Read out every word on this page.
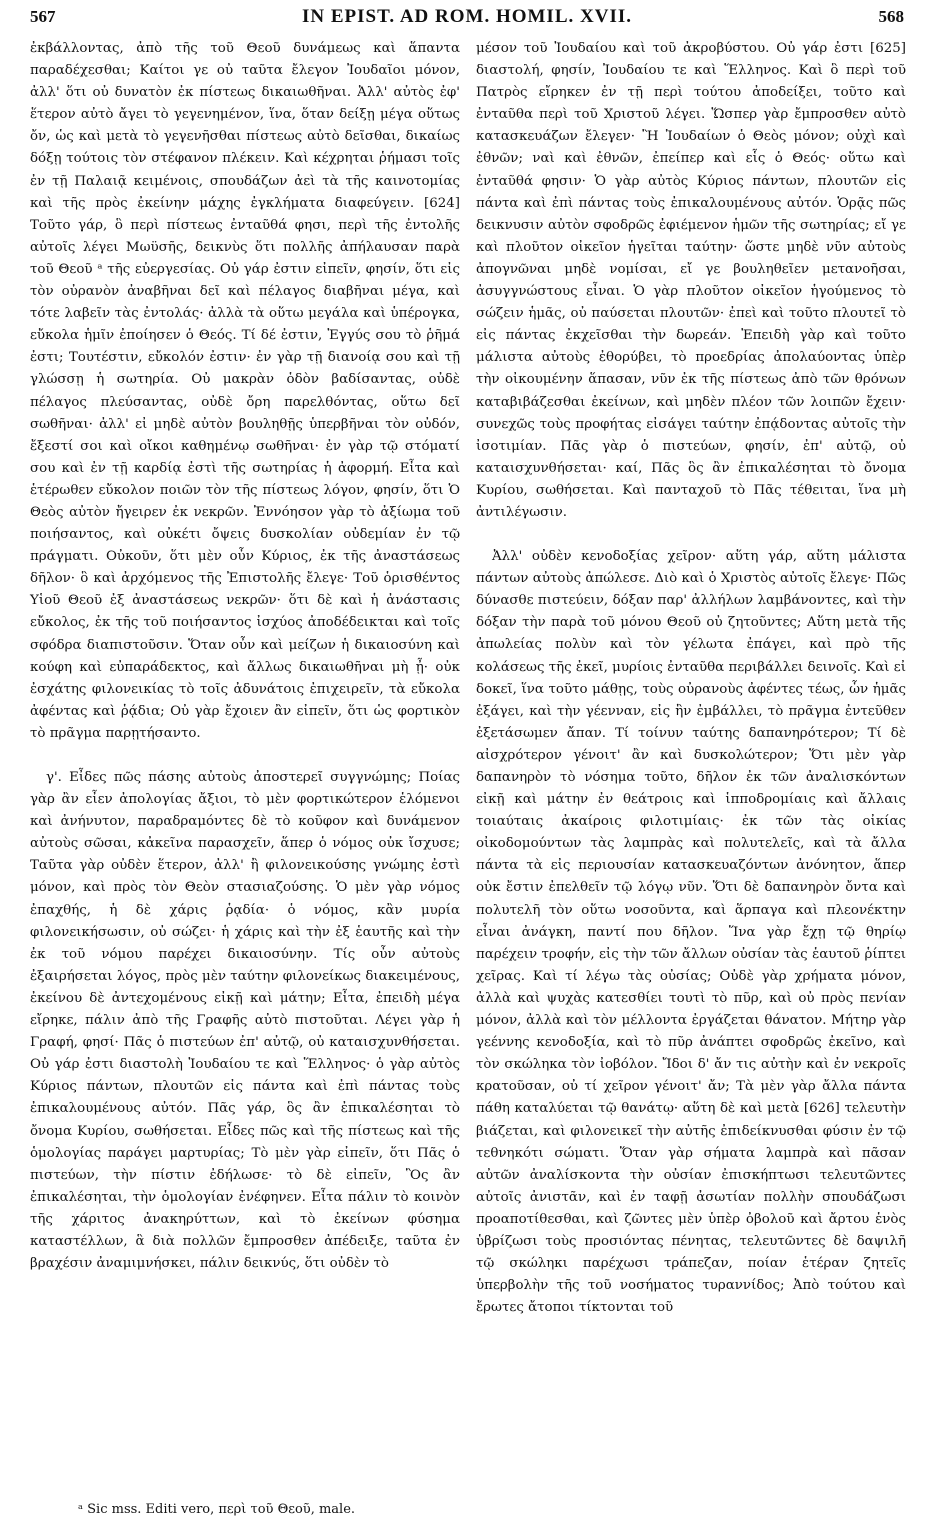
567	IN EPIST. AD ROM. HOMIL. XVII.	568

ἐκβάλλοντας, ἀπὸ τῆς τοῦ Θεοῦ δυνάμεως καὶ ἅπαντα παραδέχεσθαι; Καίτοι γε οὐ ταῦτα ἔλεγον Ἰουδαῖοι μόνον, ἀλλ' ὅτι οὐ δυνατὸν ἐκ πίστεως δικαιωθῆναι. Ἀλλ' αὐτὸς ἐφ' ἕτερον αὐτὸ ἄγει τὸ γεγενημένον, ἵνα, ὅταν δείξῃ μέγα οὕτως ὄν, ὡς καὶ μετὰ τὸ γεγενῆσθαι πίστεως αὐτὸ δεῖσθαι, δικαίως δόξῃ τούτοις τὸν στέφανον πλέκειν. Καὶ κέχρηται ῥήμασι τοῖς ἐν τῇ Παλαιᾷ κειμένοις, σπουδάζων ἀεὶ τὰ τῆς καινοτομίας καὶ τῆς πρὸς ἐκείνην μάχης ἐγκλήματα διαφεύγειν. [624] Τοῦτο γάρ, ὃ περὶ πίστεως ἐνταῦθά φησι, περὶ τῆς ἐντολῆς αὐτοῖς λέγει Μωϋσῆς, δεικνὺς ὅτι πολλῆς ἀπήλαυσαν παρὰ τοῦ Θεοῦ ᵃ τῆς εὐεργεσίας. Οὐ γάρ ἐστιν εἰπεῖν, φησίν, ὅτι εἰς τὸν οὐρανὸν ἀναβῆναι δεῖ καὶ πέλαγος διαβῆναι μέγα, καὶ τότε λαβεῖν τὰς ἐντολάς· ἀλλὰ τὰ οὕτω μεγάλα καὶ ὑπέρογκα, εὔκολα ἡμῖν ἐποίησεν ὁ Θεός. Τί δέ ἐστιν, Ἐγγύς σου τὸ ῥῆμά ἐστι; Τουτέστιν, εὔκολόν ἐστιν· ἐν γὰρ τῇ διανοίᾳ σου καὶ τῇ γλώσσῃ ἡ σωτηρία. Οὐ μακρὰν ὁδὸν βαδίσαντας, οὐδὲ πέλαγος πλεύσαντας, οὐδὲ ὄρη παρελθόντας, οὕτω δεῖ σωθῆναι· ἀλλ' εἰ μηδὲ αὐτὸν βουληθῇς ὑπερβῆναι τὸν οὐδόν, ἔξεστί σοι καὶ οἴκοι καθημένῳ σωθῆναι· ἐν γὰρ τῷ στόματί σου καὶ ἐν τῇ καρδίᾳ ἐστὶ τῆς σωτηρίας ἡ ἀφορμή. Εἶτα καὶ ἑτέρωθεν εὔκολον ποιῶν τὸν τῆς πίστεως λόγον, φησίν, ὅτι Ὁ Θεὸς αὐτὸν ἤγειρεν ἐκ νεκρῶν. Ἐννόησον γὰρ τὸ ἀξίωμα τοῦ ποιήσαντος, καὶ οὐκέτι ὄψεις δυσκολίαν οὐδεμίαν ἐν τῷ πράγματι. Οὐκοῦν, ὅτι μὲν οὖν Κύριος, ἐκ τῆς ἀναστάσεως δῆλον· ὃ καὶ ἀρχόμενος τῆς Ἐπιστολῆς ἔλεγε· Τοῦ ὁρισθέντος Υἱοῦ Θεοῦ ἐξ ἀναστάσεως νεκρῶν· ὅτι δὲ καὶ ἡ ἀνάστασις εὔκολος, ἐκ τῆς τοῦ ποιήσαντος ἰσχύος ἀποδέδεικται καὶ τοῖς σφόδρα διαπιστοῦσιν. Ὅταν οὖν καὶ μείζων ἡ δικαιοσύνη καὶ κούφη καὶ εὐπαράδεκτος, καὶ ἄλλως δικαιωθῆναι μὴ ᾖ· οὐκ ἐσχάτης φιλονεικίας τὸ τοῖς ἀδυνάτοις ἐπιχειρεῖν, τὰ εὔκολα ἀφέντας καὶ ῥᾴδια; Οὐ γὰρ ἔχοιεν ἂν εἰπεῖν, ὅτι ὡς φορτικὸν τὸ πρᾶγμα παρῃτήσαντο.

γ'. Εἶδες πῶς πάσης αὐτοὺς ἀποστερεῖ συγγνώμης; Ποίας γὰρ ἂν εἶεν ἀπολογίας ἄξιοι, τὸ μὲν φορτικώτερον ἑλόμενοι καὶ ἀνήνυτον, παραδραμόντες δὲ τὸ κοῦφον καὶ δυνάμενον αὐτοὺς σῶσαι, κἀκεῖνα παρασχεῖν, ἅπερ ὁ νόμος οὐκ ἴσχυσε; Ταῦτα γὰρ οὐδὲν ἕτερον, ἀλλ' ἢ φιλονεικούσης γνώμης ἐστὶ μόνον, καὶ πρὸς τὸν Θεὸν στασιαζούσης. Ὁ μὲν γὰρ νόμος ἐπαχθής, ἡ δὲ χάρις ῥᾳδία· ὁ νόμος, κἂν μυρία φιλονεικήσωσιν, οὐ σώζει· ἡ χάρις καὶ τὴν ἐξ ἑαυτῆς καὶ τὴν ἐκ τοῦ νόμου παρέχει δικαιοσύνην. Τίς οὖν αὐτοὺς ἐξαιρήσεται λόγος, πρὸς μὲν ταύτην φιλονείκως διακειμένους, ἐκείνου δὲ ἀντεχομένους εἰκῇ καὶ μάτην; Εἶτα, ἐπειδὴ μέγα εἴρηκε, πάλιν ἀπὸ τῆς Γραφῆς αὐτὸ πιστοῦται. Λέγει γὰρ ἡ Γραφή, φησί· Πᾶς ὁ πιστεύων ἐπ' αὐτῷ, οὐ καταισχυνθήσεται. Οὐ γάρ ἐστι διαστολὴ Ἰουδαίου τε καὶ Ἕλληνος· ὁ γὰρ αὐτὸς Κύριος πάντων, πλουτῶν εἰς πάντα καὶ ἐπὶ πάντας τοὺς ἐπικαλουμένους αὐτόν. Πᾶς γάρ, ὃς ἂν ἐπικαλέσηται τὸ ὄνομα Κυρίου, σωθήσεται. Εἶδες πῶς καὶ τῆς πίστεως καὶ τῆς ὁμολογίας παράγει μαρτυρίας; Τὸ μὲν γὰρ εἰπεῖν, ὅτι Πᾶς ὁ πιστεύων, τὴν πίστιν ἐδήλωσε· τὸ δὲ εἰπεῖν, Ὃς ἂν ἐπικαλέσηται, τὴν ὁμολογίαν ἐνέφηνεν. Εἶτα πάλιν τὸ κοινὸν τῆς χάριτος ἀνακηρύττων, καὶ τὸ ἐκείνων φύσημα καταστέλλων, ἃ διὰ πολλῶν ἔμπροσθεν ἀπέδειξε, ταῦτα ἐν βραχέσιν ἀναμιμνήσκει, πάλιν δεικνύς, ὅτι οὐδὲν τὸ

μέσον τοῦ Ἰουδαίου καὶ τοῦ ἀκροβύστου. Οὐ γάρ ἐστι [625] διαστολή, φησίν, Ἰουδαίου τε καὶ Ἕλληνος. Καὶ ὃ περὶ τοῦ Πατρὸς εἴρηκεν ἐν τῇ περὶ τούτου ἀποδείξει, τοῦτο καὶ ἐνταῦθα περὶ τοῦ Χριστοῦ λέγει. Ὥσπερ γὰρ ἔμπροσθεν αὐτὸ κατασκευάζων ἔλεγεν· Ἢ Ἰουδαίων ὁ Θεὸς μόνον; οὐχὶ καὶ ἐθνῶν; ναὶ καὶ ἐθνῶν, ἐπείπερ καὶ εἷς ὁ Θεός· οὕτω καὶ ἐνταῦθά φησιν· Ὁ γὰρ αὐτὸς Κύριος πάντων, πλουτῶν εἰς πάντα καὶ ἐπὶ πάντας τοὺς ἐπικαλουμένους αὐτόν. Ὁρᾷς πῶς δεικνυσιν αὐτὸν σφοδρῶς ἐφιέμενον ἡμῶν τῆς σωτηρίας; εἴ γε καὶ πλοῦτον οἰκεῖον ἡγεῖται ταύτην· ὥστε μηδὲ νῦν αὐτοὺς ἀπογνῶναι μηδὲ νομίσαι, εἴ γε βουληθεῖεν μετανοῆσαι, ἀσυγγνώστους εἶναι. Ὁ γὰρ πλοῦτον οἰκεῖον ἡγούμενος τὸ σώζειν ἡμᾶς, οὐ παύσεται πλουτῶν· ἐπεὶ καὶ τοῦτο πλουτεῖ τὸ εἰς πάντας ἐκχεῖσθαι τὴν δωρεάν. Ἐπειδὴ γὰρ καὶ τοῦτο μάλιστα αὐτοὺς ἐθορύβει, τὸ προεδρίας ἀπολαύοντας ὑπὲρ τὴν οἰκουμένην ἅπασαν, νῦν ἐκ τῆς πίστεως ἀπὸ τῶν θρόνων καταβιβάζεσθαι ἐκείνων, καὶ μηδὲν πλέον τῶν λοιπῶν ἔχειν· συνεχῶς τοὺς προφήτας εἰσάγει ταύτην ἐπᾴδοντας αὐτοῖς τὴν ἰσοτιμίαν. Πᾶς γὰρ ὁ πιστεύων, φησίν, ἐπ' αὐτῷ, οὐ καταισχυνθήσεται· καί, Πᾶς ὃς ἂν ἐπικαλέσηται τὸ ὄνομα Κυρίου, σωθήσεται. Καὶ πανταχοῦ τὸ Πᾶς τέθειται, ἵνα μὴ ἀντιλέγωσιν.

Ἀλλ' οὐδὲν κενοδοξίας χεῖρον· αὕτη γάρ, αὕτη μάλιστα πάντων αὐτοὺς ἀπώλεσε. Διὸ καὶ ὁ Χριστὸς αὐτοῖς ἔλεγε· Πῶς δύνασθε πιστεύειν, δόξαν παρ' ἀλλήλων λαμβάνοντες, καὶ τὴν δόξαν τὴν παρὰ τοῦ μόνου Θεοῦ οὐ ζητοῦντες; Αὕτη μετὰ τῆς ἀπωλείας πολὺν καὶ τὸν γέλωτα ἐπάγει, καὶ πρὸ τῆς κολάσεως τῆς ἐκεῖ, μυρίοις ἐνταῦθα περιβάλλει δεινοῖς. Καὶ εἰ δοκεῖ, ἵνα τοῦτο μάθῃς, τοὺς οὐρανοὺς ἀφέντες τέως, ὧν ἡμᾶς ἐξάγει, καὶ τὴν γέενναν, εἰς ἣν ἐμβάλλει, τὸ πρᾶγμα ἐντεῦθεν ἐξετάσωμεν ἄπαν. Τί τοίνυν ταύτης δαπανηρότερον; Τί δὲ αἰσχρότερον γένοιτ' ἂν καὶ δυσκολώτερον; Ὅτι μὲν γὰρ δαπανηρὸν τὸ νόσημα τοῦτο, δῆλον ἐκ τῶν ἀναλισκόντων εἰκῇ καὶ μάτην ἐν θεάτροις καὶ ἱπποδρομίαις καὶ ἄλλαις τοιαύταις ἀκαίροις φιλοτιμίαις· ἐκ τῶν τὰς οἰκίας οἰκοδομούντων τὰς λαμπρὰς καὶ πολυτελεῖς, καὶ τὰ ἄλλα πάντα τὰ εἰς περιουσίαν κατασκευαζόντων ἀνόνητον, ἅπερ οὐκ ἔστιν ἐπελθεῖν τῷ λόγῳ νῦν. Ὅτι δὲ δαπανηρὸν ὄντα καὶ πολυτελῆ τὸν οὕτω νοσοῦντα, καὶ ἅρπαγα καὶ πλεονέκτην εἶναι ἀνάγκη, παντί που δῆλον. Ἵνα γὰρ ἔχῃ τῷ θηρίῳ παρέχειν τροφήν, εἰς τὴν τῶν ἄλλων οὐσίαν τὰς ἑαυτοῦ ῥίπτει χεῖρας. Καὶ τί λέγω τὰς οὐσίας; Οὐδὲ γὰρ χρήματα μόνον, ἀλλὰ καὶ ψυχὰς κατεσθίει τουτὶ τὸ πῦρ, καὶ οὐ πρὸς πενίαν μόνον, ἀλλὰ καὶ τὸν μέλλοντα ἐργάζεται θάνατον. Μήτηρ γὰρ γεέννης κενοδοξία, καὶ τὸ πῦρ ἀνάπτει σφοδρῶς ἐκεῖνο, καὶ τὸν σκώληκα τὸν ἰοβόλον. Ἴδοι δ' ἄν τις αὐτὴν καὶ ἐν νεκροῖς κρατοῦσαν, οὐ τί χεῖρον γένοιτ' ἄν; Τὰ μὲν γὰρ ἄλλα πάντα πάθη καταλύεται τῷ θανάτῳ· αὕτη δὲ καὶ μετὰ [626] τελευτὴν βιάζεται, καὶ φιλονεικεῖ τὴν αὐτῆς ἐπιδείκνυσθαι φύσιν ἐν τῷ τεθνηκότι σώματι. Ὅταν γὰρ σήματα λαμπρὰ καὶ πᾶσαν αὐτῶν ἀναλίσκοντα τὴν οὐσίαν ἐπισκήπτωσι τελευτῶντες αὐτοῖς ἀνιστᾶν, καὶ ἐν ταφῇ ἀσωτίαν πολλὴν σπουδάζωσι προαποτίθεσθαι, καὶ ζῶντες μὲν ὑπὲρ ὀβολοῦ καὶ ἄρτου ἑνὸς ὑβρίζωσι τοὺς προσιόντας πένητας, τελευτῶντες δὲ δαψιλῆ τῷ σκώληκι παρέχωσι τράπεζαν, ποίαν ἑτέραν ζητεῖς ὑπερβολὴν τῆς τοῦ νοσήματος τυραννίδος; Ἀπὸ τούτου καὶ ἔρωτες ἄτοποι τίκτονται τοῦ

ᵃ Sic mss. Editi vero, περὶ τοῦ Θεοῦ, male.
